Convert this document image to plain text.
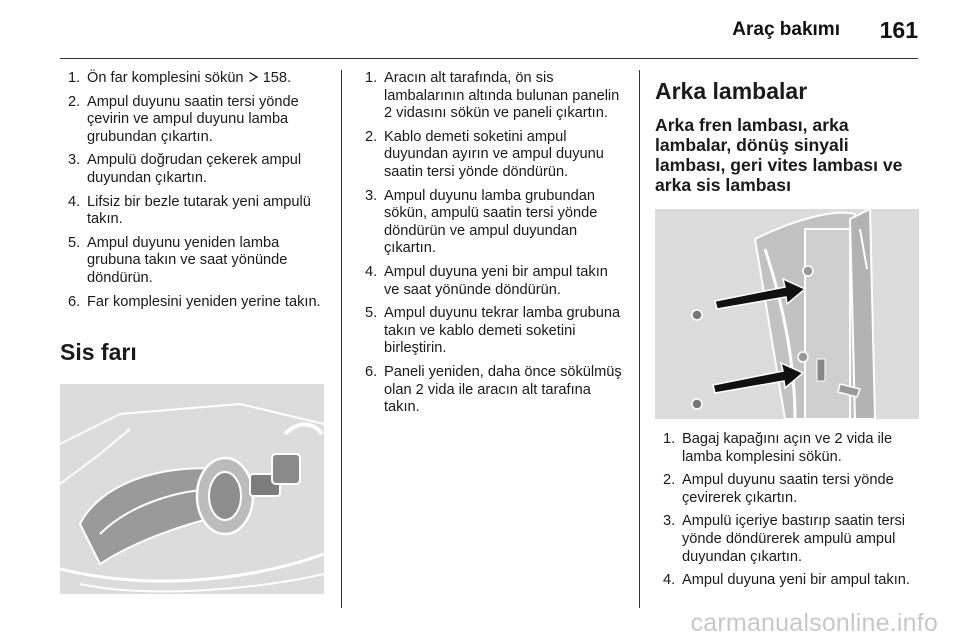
Araç bakımı 161
1. Ön far komplesini sökün 158.
2. Ampul duyunu saatin tersi yönde çevirin ve ampul duyunu lamba grubundan çıkartın.
3. Ampulü doğrudan çekerek ampul duyundan çıkartın.
4. Lifsiz bir bezle tutarak yeni ampulü takın.
5. Ampul duyunu yeniden lamba grubuna takın ve saat yönünde döndürün.
6. Far komplesini yeniden yerine takın.
Sis farı
1. Aracın alt tarafında, ön sis lambalarının altında bulunan panelin 2 vidasını sökün ve paneli çıkartın.
2. Kablo demeti soketini ampul duyundan ayırın ve ampul duyunu saatin tersi yönde döndürün.
3. Ampul duyunu lamba grubundan sökün, ampulü saatin tersi yönde döndürün ve ampul duyundan çıkartın.
4. Ampul duyuna yeni bir ampul takın ve saat yönünde döndürün.
5. Ampul duyunu tekrar lamba grubuna takın ve kablo demeti soketini birleştirin.
6. Paneli yeniden, daha önce sökülmüş olan 2 vida ile aracın alt tarafına takın.
Arka lambalar
Arka fren lambası, arka lambalar, dönüş sinyali lambası, geri vites lambası ve arka sis lambası
1. Bagaj kapağını açın ve 2 vida ile lamba komplesini sökün.
2. Ampul duyunu saatin tersi yönde çevirerek çıkartın.
3. Ampulü içeriye bastırıp saatin tersi yönde döndürerek ampulü ampul duyundan çıkartın.
4. Ampul duyuna yeni bir ampul takın.
carmanualsonline.info
